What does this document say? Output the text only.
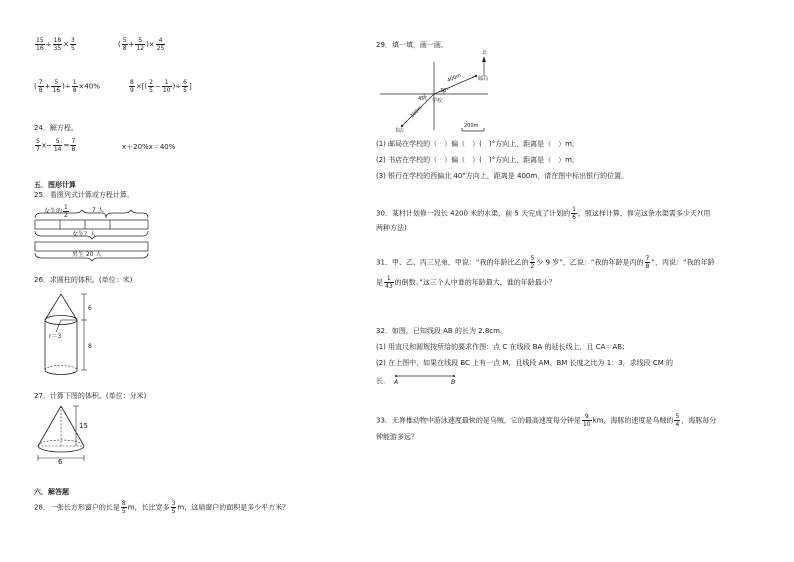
$\frac{15}{16} \div \frac{18}{35} \times \frac{3}{5}$	( $\frac{5}{8} + \frac{5}{12}$ )× $\frac{4}{25}$
( $\frac{7}{8} + \frac{5}{16}$ )÷ $\frac{1}{8} \times 40\%$	$\frac{8}{9}$ ×[( $\frac{2}{5} - \frac{1}{10}$ )÷ $\frac{6}{5}$ ]
24．解方程。
$\frac{5}{7} x- \frac{5}{14} = \frac{7}{8}$	x＋20%x＝40%
五．图形计算
25．看图列式计算或方程计算。
女生的 $\frac{1}{2}$	7 人
女生？人
男生 20 人
26．求圆柱的体积。(单位：米)
6
8
r＝3
27．计算下图的体积。(单位：分米)
15
6
六．解答题
28．一张长方形窗户的长是 $\frac{8}{5}$ m，长比宽多 $\frac{3}{5}$ m，这扇窗户的面积是多少平方米？
29．填一填，画一画。
北
400m
300m
30°
45°
邮局
学校
书店
200m
(1) 邮局在学校的（　）偏（　）(　)°方向上，距离是（　）m。
(2) 书店在学校的（　）偏（　）(　)°方向上，距离是（　）m。
(3) 银行在学校的西偏北 40°方向上，距离是 400m，请在图中标出银行的位置。
30．某村计划修一段长 4200 米的水渠，前 5 天完成了计划的 $\frac{1}{6}$ ，照这样计算，修完这条水渠需多少天?(用
两种方法)
31．甲、乙、丙三兄弟，甲说：“我的年龄比乙的 $\frac{5}{2}$ 少 9 岁”，乙说：“我的年龄是丙的 $\frac{7}{8}$ ”，丙说：“我的年龄
是 $\frac{1}{43}$ 的倒数。”这三个人中谁的年龄最大，谁的年龄最小？
32．如图，已知线段 AB 的长为 2.8cm。
(1) 用直尺和圆规按所给的要求作图：点 C 在线段 BA 的延长线上，且 CA＝AB；
(2) 在上图中，如果在线段 BC 上有一点 M，且线段 AM、BM 长度之比为 1：3，求线段 CM 的
长． A	B
33．无脊椎动物中游泳速度最快的是乌贼，它的最高速度每分钟是 $\frac{9}{10}$ km，海豚的速度是乌贼的 $\frac{5}{4}$ ，海豚每分
钟能游多远？
